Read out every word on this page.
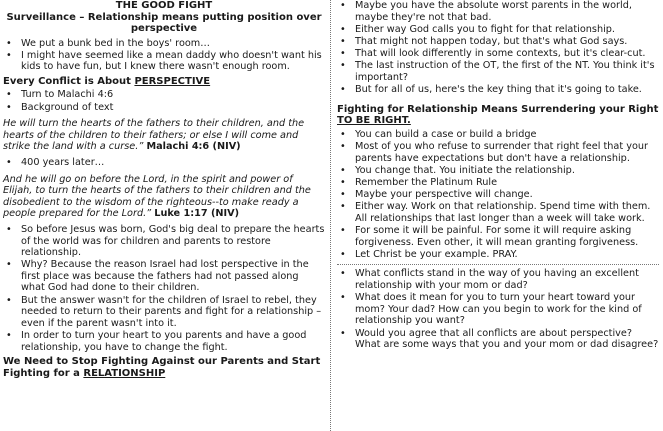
THE GOOD FIGHT
Surveillance – Relationship means putting position over perspective
• We put a bunk bed in the boys' room…
• I might have seemed like a mean daddy who doesn't want his kids to have fun, but I knew there wasn't enough room.
Every Conflict is About PERSPECTIVE
• Turn to Malachi 4:6
• Background of text
He will turn the hearts of the fathers to their children, and the hearts of the children to their fathers; or else I will come and strike the land with a curse.” Malachi 4:6 (NIV)
• 400 years later…
And he will go on before the Lord, in the spirit and power of Elijah, to turn the hearts of the fathers to their children and the disobedient to the wisdom of the righteous--to make ready a people prepared for the Lord.” Luke 1:17 (NIV)
• So before Jesus was born, God's big deal to prepare the hearts of the world was for children and parents to restore relationship.
• Why? Because the reason Israel had lost perspective in the first place was because the fathers had not passed along what God had done to their children.
• But the answer wasn't for the children of Israel to rebel, they needed to return to their parents and fight for a relationship – even if the parent wasn't into it.
• In order to turn your heart to you parents and have a good relationship, you have to change the fight.
We Need to Stop Fighting Against our Parents and Start Fighting for a RELATIONSHIP
• Maybe you have the absolute worst parents in the world, maybe they're not that bad.
• Either way God calls you to fight for that relationship.
• That might not happen today, but that's what God says.
• That will look differently in some contexts, but it's clear-cut.
• The last instruction of the OT, the first of the NT. You think it's important?
• But for all of us, here's the key thing that it's going to take.
Fighting for Relationship Means Surrendering your Right TO BE RIGHT.
• You can build a case or build a bridge
• Most of you who refuse to surrender that right feel that your parents have expectations but don't have a relationship.
• You change that. You initiate the relationship.
• Remember the Platinum Rule
• Maybe your perspective will change.
• Either way. Work on that relationship. Spend time with them. All relationships that last longer than a week will take work.
• For some it will be painful. For some it will require asking forgiveness. Even other, it will mean granting forgiveness.
• Let Christ be your example. PRAY.
• What conflicts stand in the way of you having an excellent relationship with your mom or dad?
• What does it mean for you to turn your heart toward your mom? Your dad? How can you begin to work for the kind of relationship you want?
• Would you agree that all conflicts are about perspective? What are some ways that you and your mom or dad disagree?
